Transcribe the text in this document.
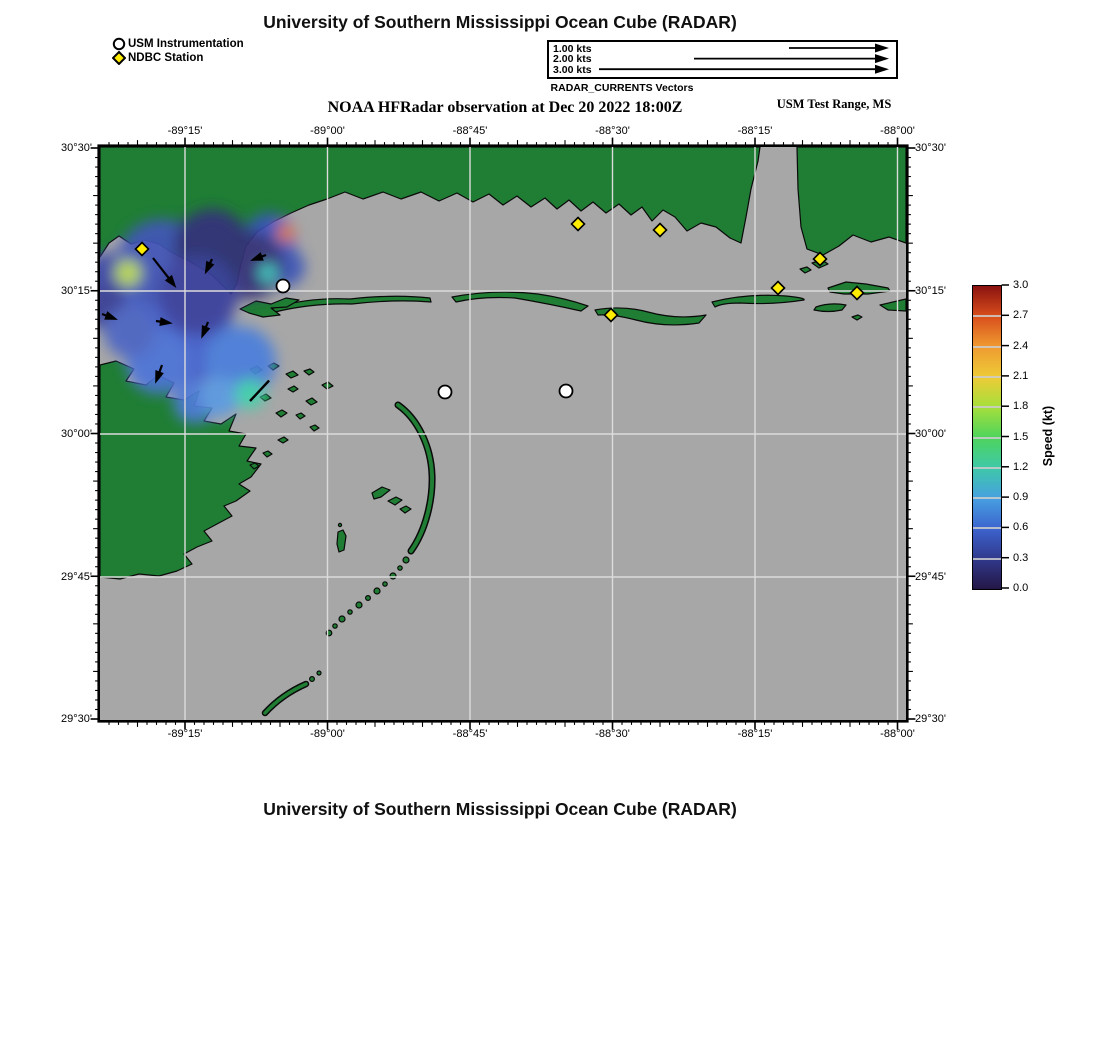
University of Southern Mississippi Ocean Cube (RADAR)
USM Instrumentation
NDBC Station
1.00 kts
2.00 kts
3.00 kts
RADAR_CURRENTS Vectors
NOAA HFRadar observation at Dec 20 2022 18:00Z	USM Test Range, MS
Speed (kt)
University of Southern Mississippi Ocean Cube (RADAR)
-89°15'
-89°15'
-89°00'
-89°00'
-88°45'
-88°45'
-88°30'
-88°30'
-88°15'
-88°15'
-88°00'
-88°00'
30°30'	30°30'
30°15'	30°15'
30°00'	30°00'
29°45'	29°45'
29°30'	29°30'
3.0
2.7
2.4
2.1
1.8
1.5
1.2
0.9
0.6
0.3
0.0
